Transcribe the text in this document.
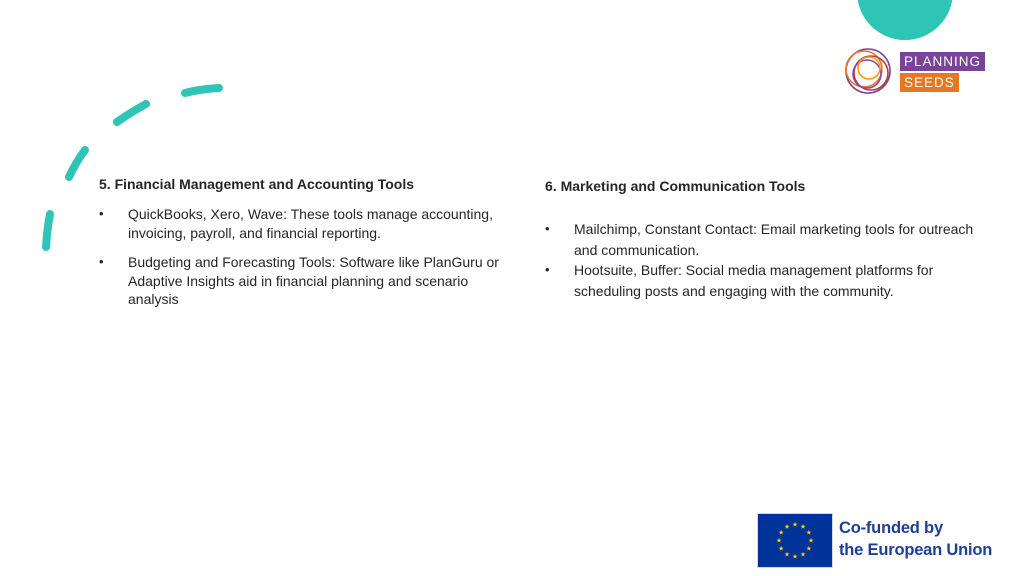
PLANNING
SEEDS

5. Financial Management and Accounting Tools

•	QuickBooks, Xero, Wave: These tools manage accounting, invoicing, payroll, and financial reporting.
•	Budgeting and Forecasting Tools: Software like PlanGuru or Adaptive Insights aid in financial planning and scenario analysis

6. Marketing and Communication Tools

•	Mailchimp, Constant Contact: Email marketing tools for outreach and communication.
•	Hootsuite, Buffer: Social media management platforms for scheduling posts and engaging with the community.
Co-funded by
the European Union
